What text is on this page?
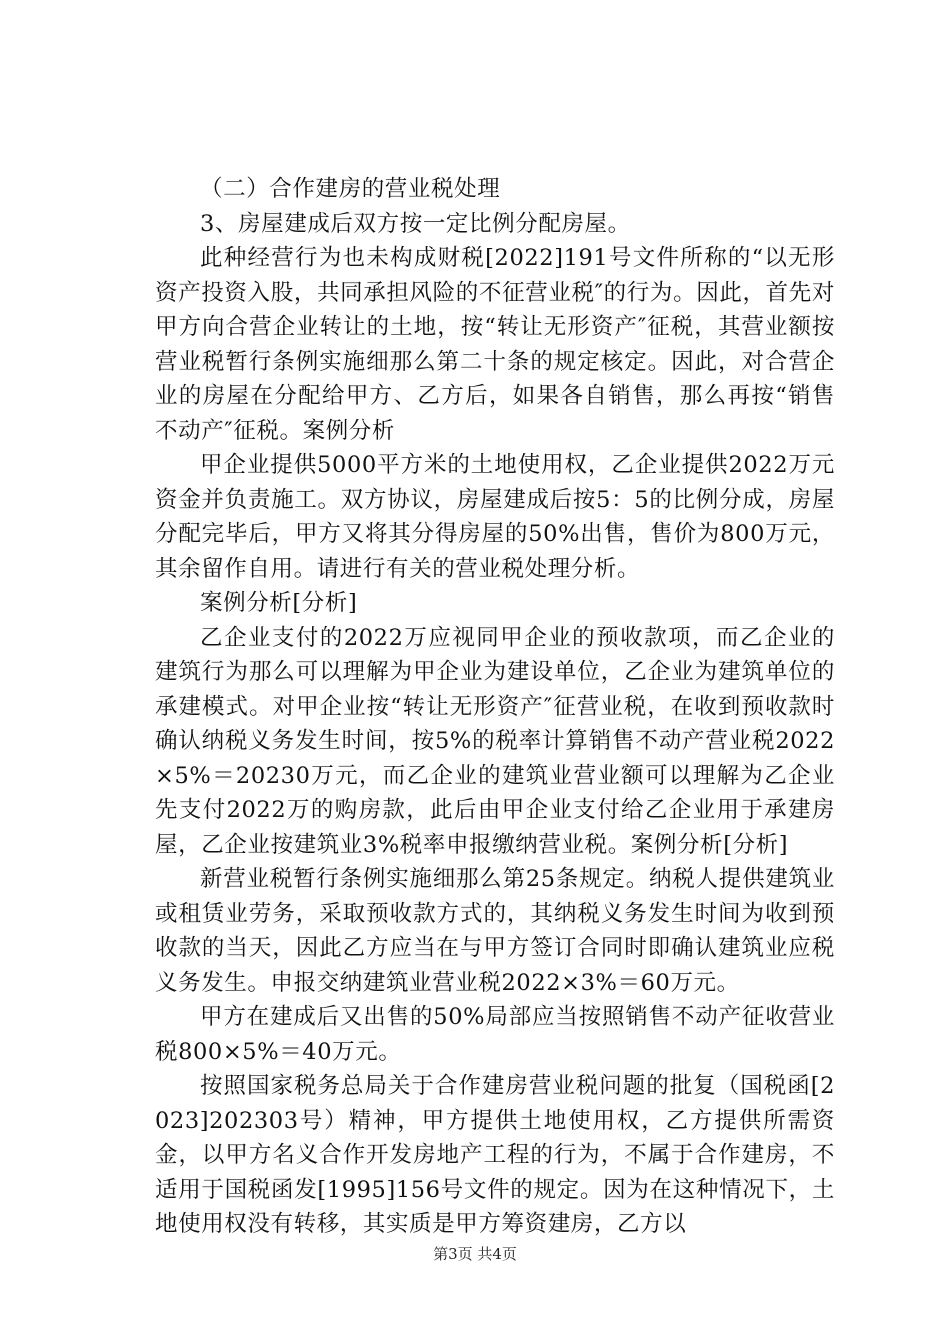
（二）合作建房的营业税处理

3、房屋建成后双方按一定比例分配房屋。

此种经营行为也未构成财税[2022]191号文件所称的“以无形资产投资入股，共同承担风险的不征营业税″的行为。因此，首先对甲方向合营企业转让的土地，按“转让无形资产″征税，其营业额按营业税暂行条例实施细那么第二十条的规定核定。因此，对合营企业的房屋在分配给甲方、乙方后，如果各自销售，那么再按“销售不动产″征税。案例分析

甲企业提供5000平方米的土地使用权，乙企业提供2022万元资金并负责施工。双方协议，房屋建成后按5：5的比例分成，房屋分配完毕后，甲方又将其分得房屋的50%出售，售价为800万元，其余留作自用。请进行有关的营业税处理分析。

案例分析[分析]

乙企业支付的2022万应视同甲企业的预收款项，而乙企业的建筑行为那么可以理解为甲企业为建设单位，乙企业为建筑单位的承建模式。对甲企业按“转让无形资产″征营业税，在收到预收款时确认纳税义务发生时间，按5%的税率计算销售不动产营业税2022×5%＝20230万元，而乙企业的建筑业营业额可以理解为乙企业先支付2022万的购房款，此后由甲企业支付给乙企业用于承建房屋，乙企业按建筑业3%税率申报缴纳营业税。案例分析[分析]

新营业税暂行条例实施细那么第25条规定。纳税人提供建筑业或租赁业劳务，采取预收款方式的，其纳税义务发生时间为收到预收款的当天，因此乙方应当在与甲方签订合同时即确认建筑业应税义务发生。申报交纳建筑业营业税2022×3%＝60万元。

甲方在建成后又出售的50%局部应当按照销售不动产征收营业税800×5%＝40万元。

按照国家税务总局关于合作建房营业税问题的批复（国税函[2023]202303号）精神，甲方提供土地使用权，乙方提供所需资金，以甲方名义合作开发房地产工程的行为，不属于合作建房，不适用于国税函发[1995]156号文件的规定。因为在这种情况下，土地使用权没有转移，其实质是甲方筹资建房，乙方以

第3页 共4页
